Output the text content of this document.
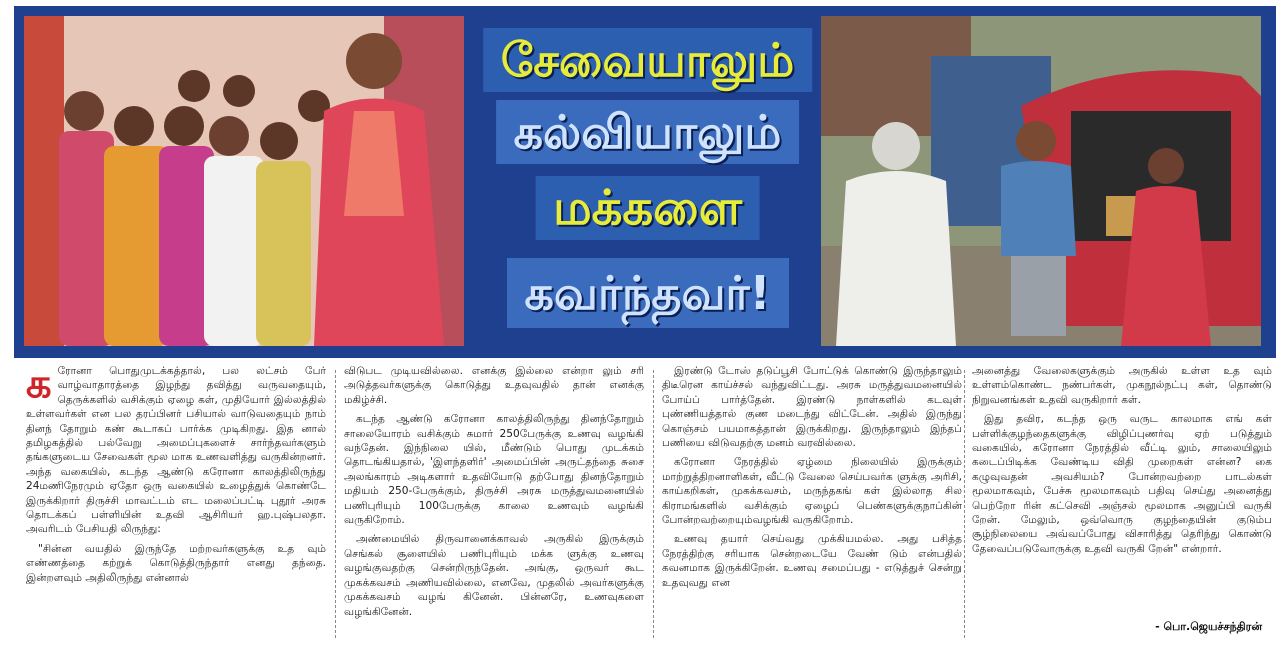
சேவையாலும்
கல்வியாலும்
மக்களை
கவர்ந்தவர்!

கரோனா பொதுமுடக்கத்தால், பல லட்சம் பேர் வாழ்வாதாரத்தை இழந்து தவித்து வருவதையும், தெருக்களில் வசிக்கும் ஏழை கள், முதியோர் இல்லத்தில் உள்ளவர்கள் என பல தரப்பினர் பசியால் வாடுவதையும் நாம் தினந் தோறும் கண் கூடாகப் பார்க்க முடிகிறது. இத னால் தமிழகத்தில் பல்வேறு அமைப்புகளைச் சார்ந்தவர்களும் தங்களுடைய சேவைகள் மூல மாக உணவளித்து வருகின்றனர். அந்த வகையில், கடந்த ஆண்டு கரோனா காலத்திலிருந்து 24மணிநேரமும் ஏதோ ஒரு வகையில் உழைத்துக் கொண்டே இருக்கிறார் திருச்சி மாவட்டம் எட மலைப்பட்டி புதூர் அரசு தொடக்கப் பள்ளியின் உதவி ஆசிரியர் ஹ.புஷ்பலதா. அவரிடம் பேசியதி லிருந்து:

"சின்ன வயதில் இருந்தே மற்றவர்களுக்கு உத வும் எண்ணத்தை கற்றுக் கொடுத்திருந்தார் எனது தந்தை. இன்றளவும் அதிலிருந்து என்னால்

விடுபட முடியவில்லை. எனக்கு இல்லை என்றா லும் சரி அடுத்தவர்களுக்கு கொடுத்து உதவுவதில் தான் எனக்கு மகிழ்ச்சி.

கடந்த ஆண்டு கரோனா காலத்திலிருந்து தினந்தோறும் சாலையோரம் வசிக்கும் சுமார் 250பேருக்கு உணவு வழங்கி வந்தேன். இந்நிலை யில், மீண்டும் பொது முடக்கம் தொடங்கியதால், 'இளந்தளிர்' அமைப்பின் அருட்தந்தை சுசை அலங்காரம் அடிகளார் உதவியோடு தற்போது தினந்தோறும் மதியம் 250-பேருக்கும், திருச்சி அரசு மருத்துவமனையில் பணிபுரியும் 100பேருக்கு காலை உணவும் வழங்கி வருகிறோம்.

அண்மையில் திருவானைக்காவல் அருகில் இருக்கும் செங்கல் சூளையில் பணிபுரியும் மக்க ளுக்கு உணவு வழங்குவதற்கு சென்றிருந்தேன். அங்கு, ஒருவர் கூட முகக்கவசம் அணியவில்லை, எனவே, முதலில் அவர்களுக்கு முகக்கவசம் வழங் கினேன். பின்னரே, உணவுகளை வழங்கினேன்.

இரண்டு டோஸ் தடுப்பூசி போட்டுக் கொண்டு இருந்தாலும் திடீரென காய்ச்சல் வந்துவிட்டது. அரசு மருத்துவமனையில் போய்ப் பார்த்தேன். இரண்டு நாள்களில் கடவுள் புண்ணியத்தால் குண மடைந்து விட்டேன். அதில் இருந்து கொஞ்சம் பயமாகத்தான் இருக்கிறது. இருந்தாலும் இந்தப் பணியை விடுவதற்கு மனம் வரவில்லை.

கரோனா நேரத்தில் ஏழ்மை நிலையில் இருக்கும் மாற்றுத்திறனாளிகள், வீட்டு வேலை செய்பவர்க ளுக்கு அரிசி, காய்கறிகள், முகக்கவசம், மருந்தகங் கள் இல்லாத சில கிராமங்களில் வசிக்கும் ஏழைப் பெண்களுக்குநாப்கின் போன்றவற்றையும்வழங்கி வருகிறோம்.

உணவு தயார் செய்வது முக்கியமல்ல. அது பசித்த நேரத்திற்கு சரியாக சென்றடையே வேண் டும் என்பதில் கவனமாக இருக்கிறேன். உணவு சமைப்பது - எடுத்துச் சென்று உதவுவது என

அனைத்து வேலைகளுக்கும் அருகில் உள்ள உத வும் உள்ளம்கொண்ட நண்பர்கள், முகநூல்நட்பு கள், தொண்டு நிறுவனங்கள் உதவி வருகிறார் கள்.

இது தவிர, கடந்த ஒரு வருட காலமாக எங் கள் பள்ளிக்குழந்தைகளுக்கு விழிப்புணர்வு ஏற் படுத்தும் வகையில், கரோனா நேரத்தில் வீட்டி லும், சாலையிலும் கடைப்பிடிக்க வேண்டிய விதி முறைகள் என்ன? கை கழுவுவதன் அவசியம்? போன்றவற்றை பாடல்கள் மூலமாகவும், பேச்சு மூலமாகவும் பதிவு செய்து அனைத்து பெற்றோ ரின் கட்செவி அஞ்சல் மூலமாக அனுப்பி வருகி றேன். மேலும், ஒவ்வொரு குழந்தையின் குடும்ப சூழ்நிலையை அவ்வப்போது விசாரித்து தெரிந்து கொண்டு தேவைப்படுவோருக்கு உதவி வருகி றேன்" என்றார்.

- பொ.ஜெயச்சந்திரன்
